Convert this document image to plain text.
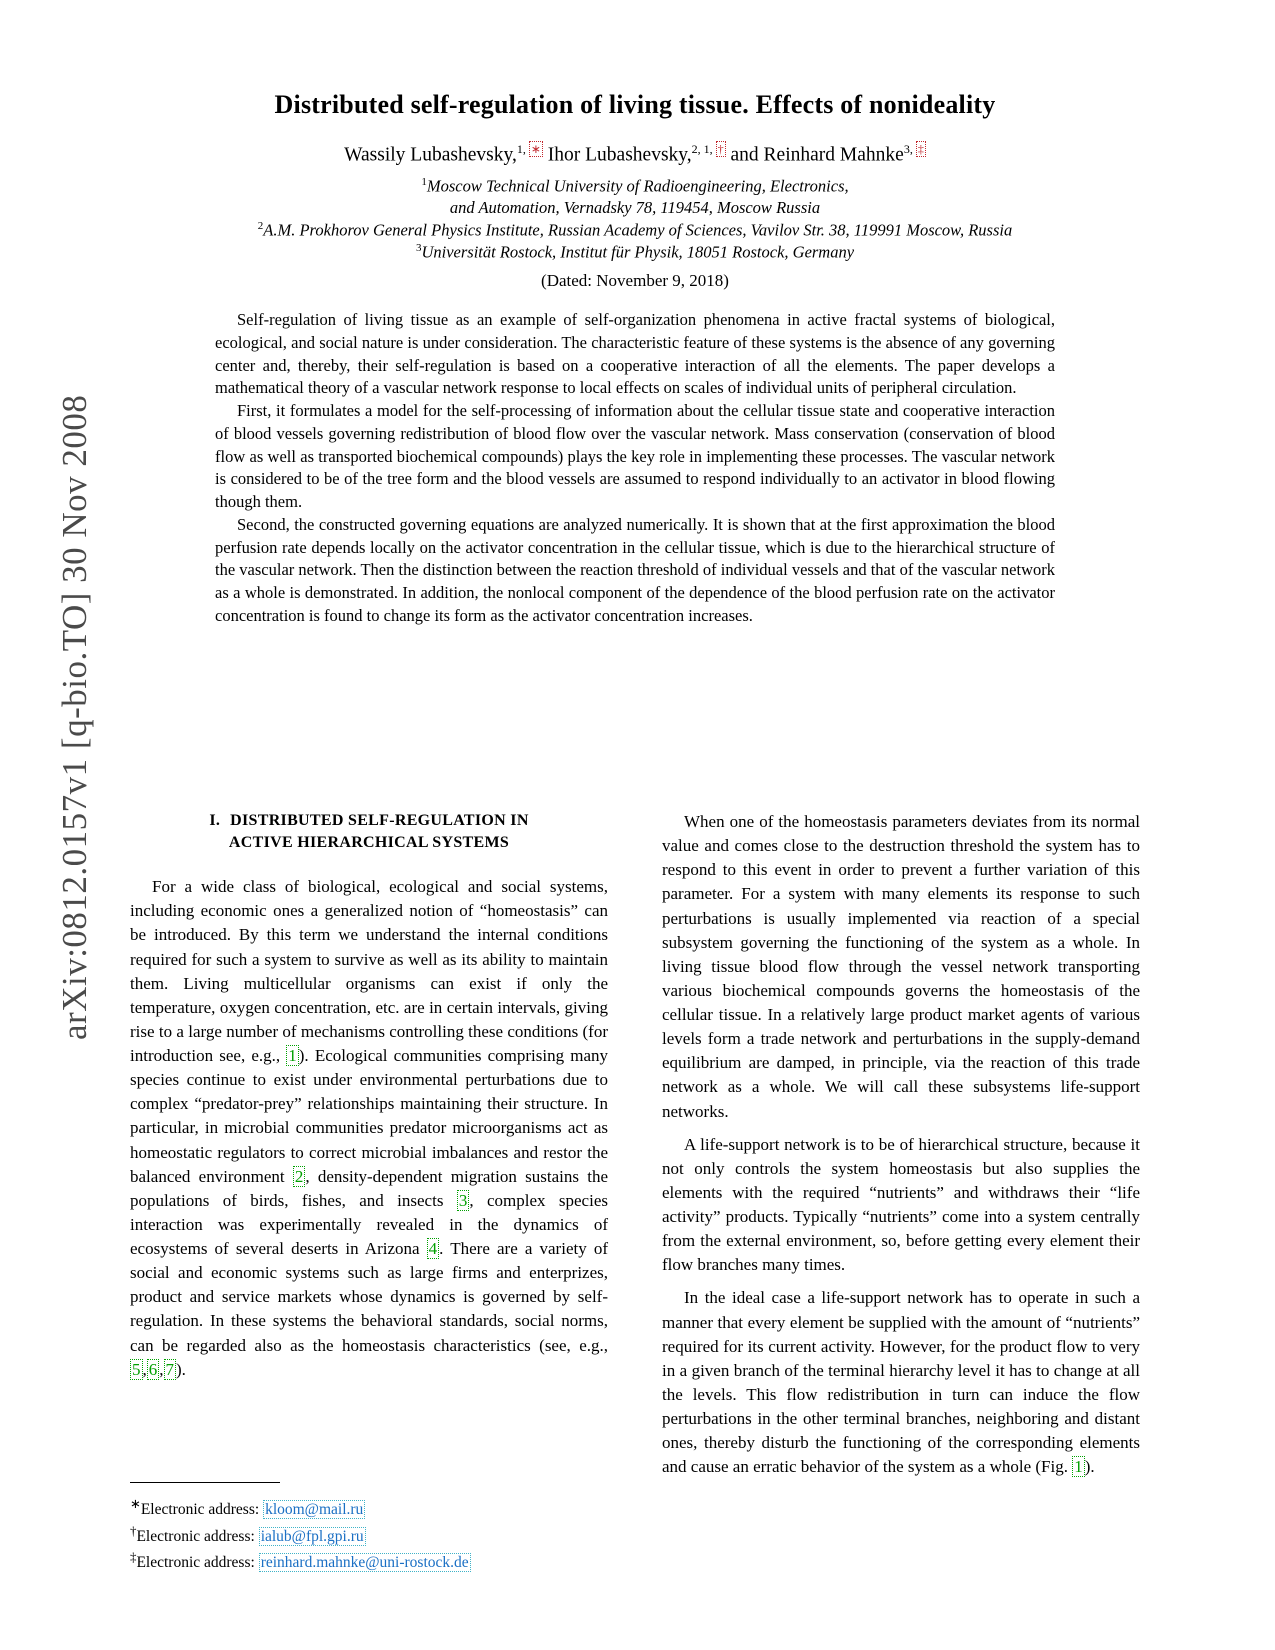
arXiv:0812.0157v1 [q-bio.TO] 30 Nov 2008
Distributed self-regulation of living tissue. Effects of nonideality
Wassily Lubashevsky,$^{1,}$ ∗ Ihor Lubashevsky,$^{2, 1,}$ † and Reinhard Mahnke$^{3,}$ ‡
$^1$Moscow Technical University of Radioengineering, Electronics,
and Automation, Vernadsky 78, 119454, Moscow Russia
$^2$A.M. Prokhorov General Physics Institute, Russian Academy of Sciences, Vavilov Str. 38, 119991 Moscow, Russia
$^3$Universität Rostock, Institut für Physik, 18051 Rostock, Germany
(Dated: November 9, 2018)

Self-regulation of living tissue as an example of self-organization phenomena in active fractal systems of biological, ecological, and social nature is under consideration. The characteristic feature of these systems is the absence of any governing center and, thereby, their self-regulation is based on a cooperative interaction of all the elements. The paper develops a mathematical theory of a vascular network response to local effects on scales of individual units of peripheral circulation.

First, it formulates a model for the self-processing of information about the cellular tissue state and cooperative interaction of blood vessels governing redistribution of blood flow over the vascular network. Mass conservation (conservation of blood flow as well as transported biochemical compounds) plays the key role in implementing these processes. The vascular network is considered to be of the tree form and the blood vessels are assumed to respond individually to an activator in blood flowing though them.

Second, the constructed governing equations are analyzed numerically. It is shown that at the first approximation the blood perfusion rate depends locally on the activator concentration in the cellular tissue, which is due to the hierarchical structure of the vascular network. Then the distinction between the reaction threshold of individual vessels and that of the vascular network as a whole is demonstrated. In addition, the nonlocal component of the dependence of the blood perfusion rate on the activator concentration is found to change its form as the activator concentration increases.

I. DISTRIBUTED SELF-REGULATION IN
ACTIVE HIERARCHICAL SYSTEMS

For a wide class of biological, ecological and social systems, including economic ones a generalized notion of “homeostasis” can be introduced. By this term we understand the internal conditions required for such a system to survive as well as its ability to maintain them. Living multicellular organisms can exist if only the temperature, oxygen concentration, etc. are in certain intervals, giving rise to a large number of mechanisms controlling these conditions (for introduction see, e.g., 1 ). Ecological communities comprising many species continue to exist under environmental perturbations due to complex “predator-prey” relationships maintaining their structure. In particular, in microbial communities predator microorganisms act as homeostatic regulators to correct microbial imbalances and restor the balanced environment 2 , density-dependent migration sustains the populations of birds, fishes, and insects 3 , complex species interaction was experimentally revealed in the dynamics of ecosystems of several deserts in Arizona 4 . There are a variety of social and economic systems such as large firms and enterprizes, product and service markets whose dynamics is governed by self-regulation. In these systems the behavioral standards, social norms, can be regarded also as the homeostasis characteristics (see, e.g., 5 , 6 , 7 ).

When one of the homeostasis parameters deviates from its normal value and comes close to the destruction threshold the system has to respond to this event in order to prevent a further variation of this parameter. For a system with many elements its response to such perturbations is usually implemented via reaction of a special subsystem governing the functioning of the system as a whole. In living tissue blood flow through the vessel network transporting various biochemical compounds governs the homeostasis of the cellular tissue. In a relatively large product market agents of various levels form a trade network and perturbations in the supply-demand equilibrium are damped, in principle, via the reaction of this trade network as a whole. We will call these subsystems life-support networks.

A life-support network is to be of hierarchical structure, because it not only controls the system homeostasis but also supplies the elements with the required “nutrients” and withdraws their “life activity” products. Typically “nutrients” come into a system centrally from the external environment, so, before getting every element their flow branches many times.

In the ideal case a life-support network has to operate in such a manner that every element be supplied with the amount of “nutrients” required for its current activity. However, for the product flow to very in a given branch of the terminal hierarchy level it has to change at all the levels. This flow redistribution in turn can induce the flow perturbations in the other terminal branches, neighboring and distant ones, thereby disturb the functioning of the corresponding elements and cause an erratic behavior of the system as a whole (Fig. 1 ).

∗Electronic address: kloom@mail.ru
†Electronic address: ialub@fpl.gpi.ru
‡Electronic address: reinhard.mahnke@uni-rostock.de
